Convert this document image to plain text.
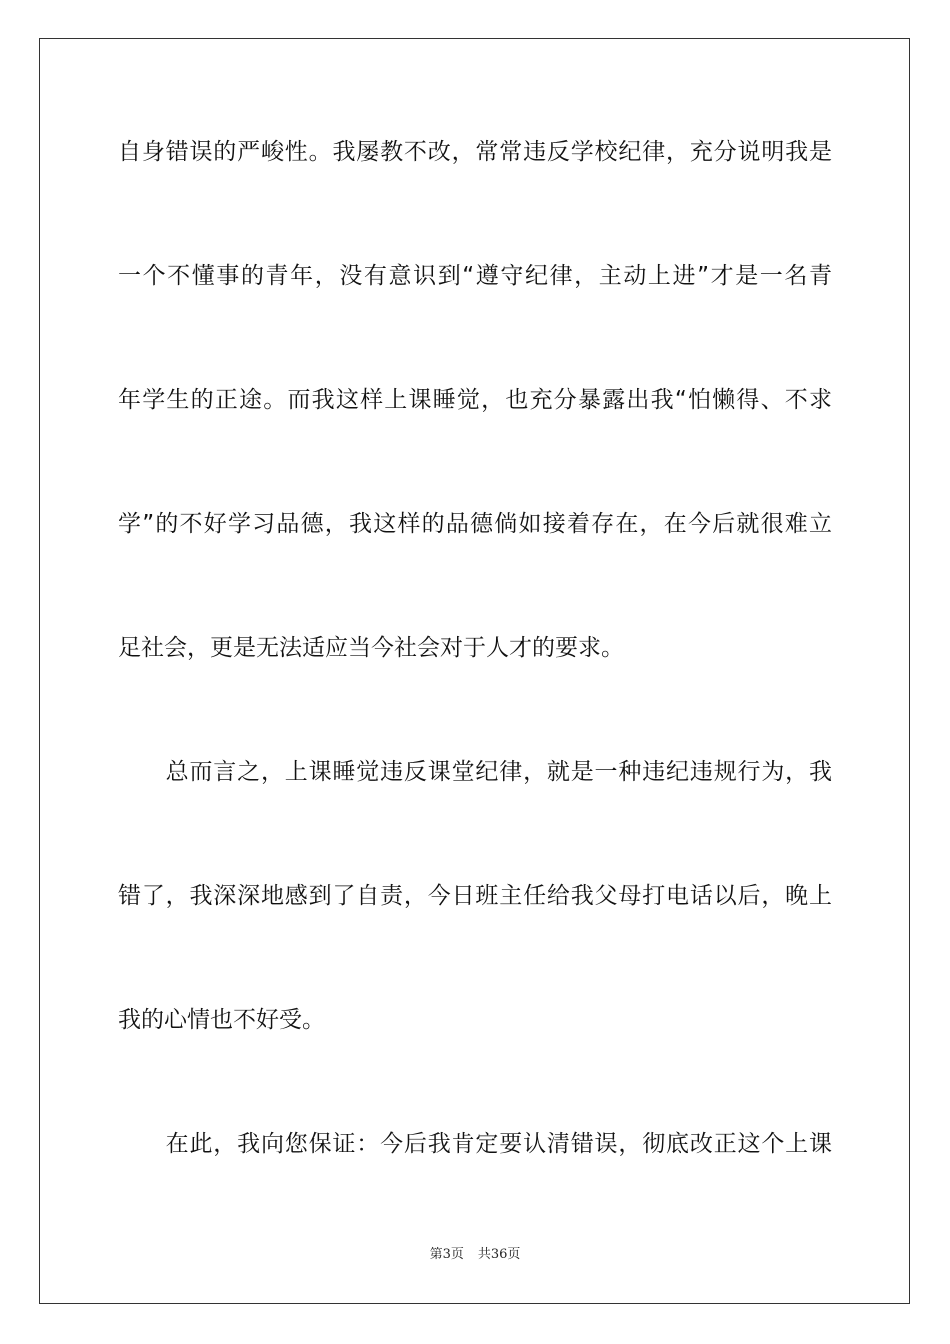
自身错误的严峻性。我屡教不改，常常违反学校纪律，充分说明我是
一个不懂事的青年，没有意识到“遵守纪律，主动上进”才是一名青
年学生的正途。而我这样上课睡觉，也充分暴露出我“怕懒得、不求
学”的不好学习品德，我这样的品德倘如接着存在，在今后就很难立
足社会，更是无法适应当今社会对于人才的要求。
　　总而言之，上课睡觉违反课堂纪律，就是一种违纪违规行为，我
错了，我深深地感到了自责，今日班主任给我父母打电话以后，晚上
我的心情也不好受。
　　在此，我向您保证：今后我肯定要认清错误，彻底改正这个上课
第3页 共36页
